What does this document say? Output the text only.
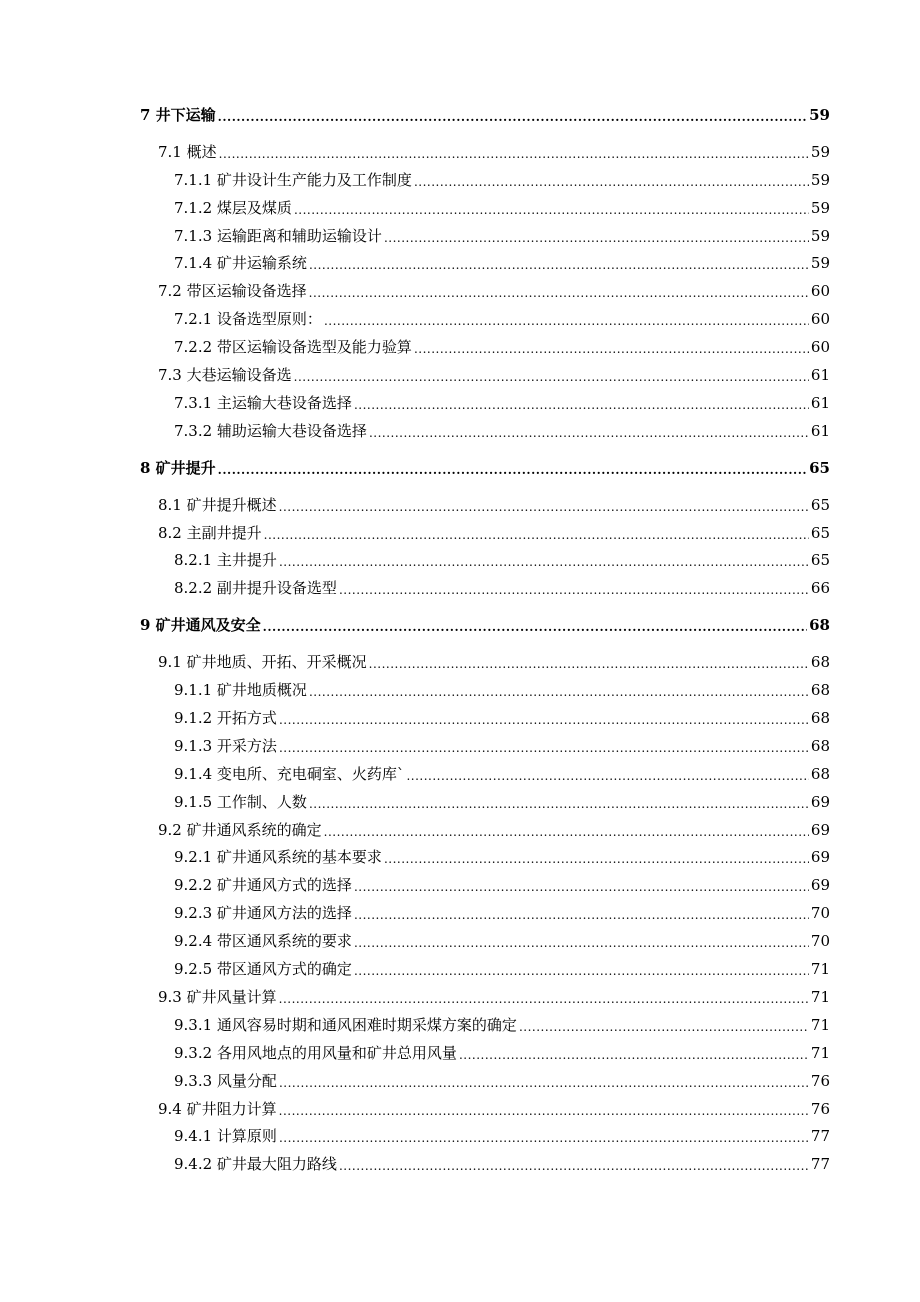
7 井下运输 .....	59
7.1 概述 .....	59
7.1.1 矿井设计生产能力及工作制度 .....	59
7.1.2 煤层及煤质 .....	59
7.1.3 运输距离和辅助运输设计 .....	59
7.1.4 矿井运输系统 .....	59
7.2 带区运输设备选择 .....	60
7.2.1 设备选型原则： .....	60
7.2.2 带区运输设备选型及能力验算 .....	60
7.3 大巷运输设备选 .....	61
7.3.1 主运输大巷设备选择 .....	61
7.3.2 辅助运输大巷设备选择 .....	61
8 矿井提升 .....	65
8.1 矿井提升概述 .....	65
8.2 主副井提升 .....	65
8.2.1 主井提升 .....	65
8.2.2 副井提升设备选型 .....	66
9 矿井通风及安全 .....	68
9.1 矿井地质、开拓、开采概况 .....	68
9.1.1 矿井地质概况 .....	68
9.1.2 开拓方式 .....	68
9.1.3 开采方法 .....	68
9.1.4 变电所、充电硐室、火药库` .....	68
9.1.5 工作制、人数 .....	69
9.2 矿井通风系统的确定 .....	69
9.2.1 矿井通风系统的基本要求 .....	69
9.2.2 矿井通风方式的选择 .....	69
9.2.3 矿井通风方法的选择 .....	70
9.2.4 带区通风系统的要求 .....	70
9.2.5 带区通风方式的确定 .....	71
9.3 矿井风量计算 .....	71
9.3.1 通风容易时期和通风困难时期采煤方案的确定 .....	71
9.3.2 各用风地点的用风量和矿井总用风量 .....	71
9.3.3 风量分配 .....	76
9.4 矿井阻力计算 .....	76
9.4.1 计算原则 .....	77
9.4.2 矿井最大阻力路线 .....	77
